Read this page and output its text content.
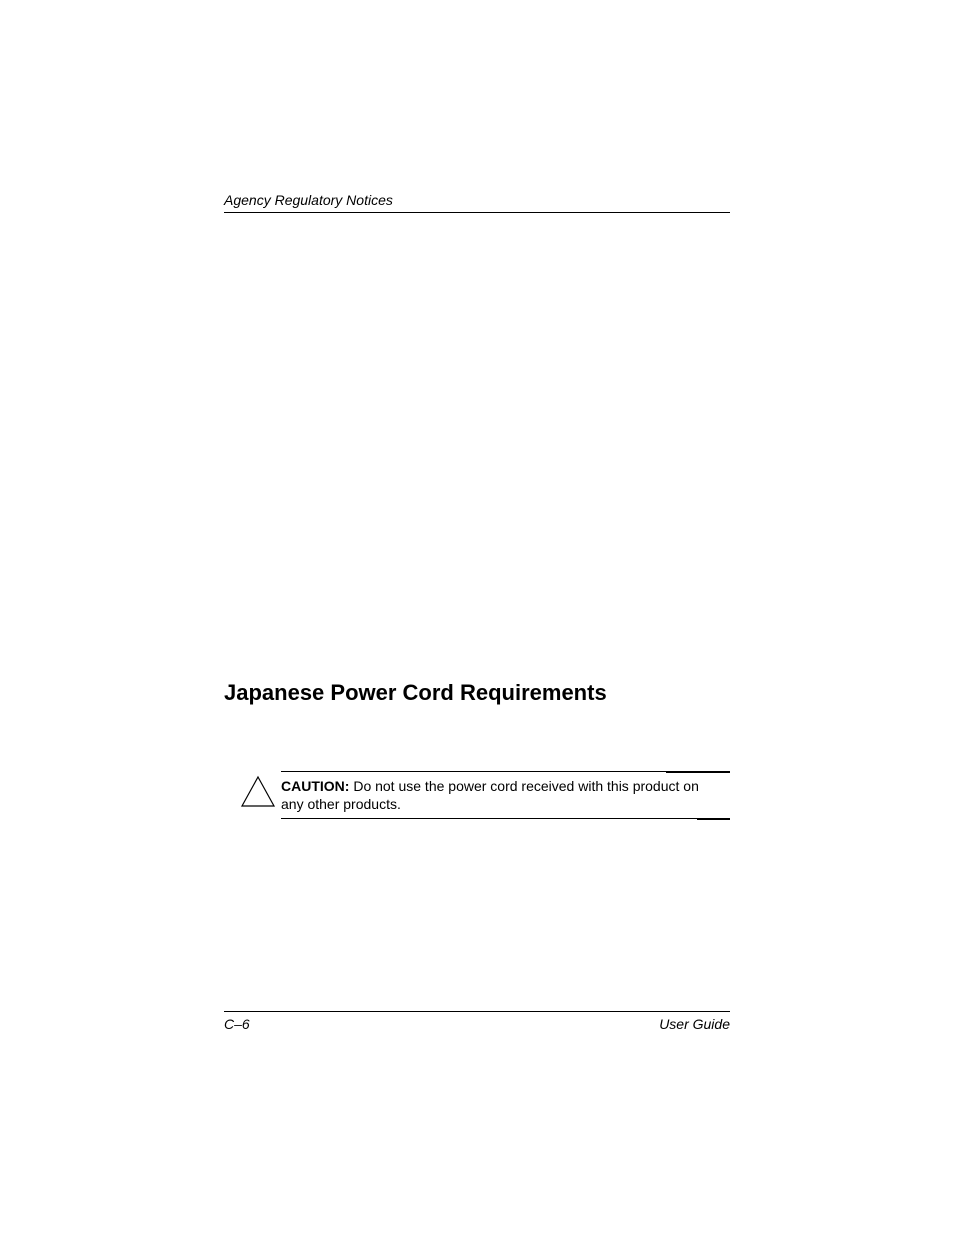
Agency Regulatory Notices
Japanese Power Cord Requirements
CAUTION: Do not use the power cord received with this product on any other products.
C–6	User Guide
